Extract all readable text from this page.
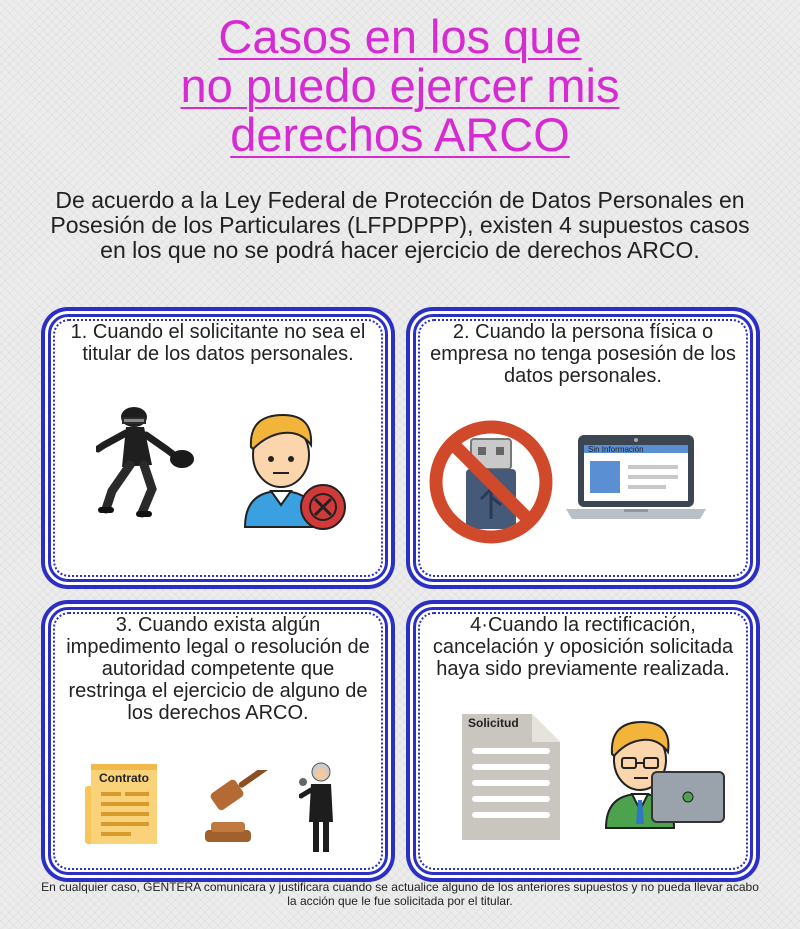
Casos en los que
no puedo ejercer mis
derechos ARCO
De acuerdo a la Ley Federal de Protección de Datos Personales en Posesión de los Particulares (LFPDPPP), existen 4 supuestos casos en los que no se podrá hacer ejercicio de derechos ARCO.
1. Cuando el solicitante no sea el titular de los datos personales.
2. Cuando la persona física o empresa no tenga posesión de los datos personales.
Sin Información
3. Cuando exista algún impedimento legal o resolución de autoridad competente que restringa el ejercicio de alguno de los derechos ARCO.
Contrato
4·Cuando la rectificación, cancelación y oposición solicitada haya sido previamente realizada.
Solicitud
En cualquier caso, GENTERA comunicara y justificara cuando se actualice alguno de los anteriores supuestos y no pueda llevar acabo la acción que le fue solicitada por el titular.
